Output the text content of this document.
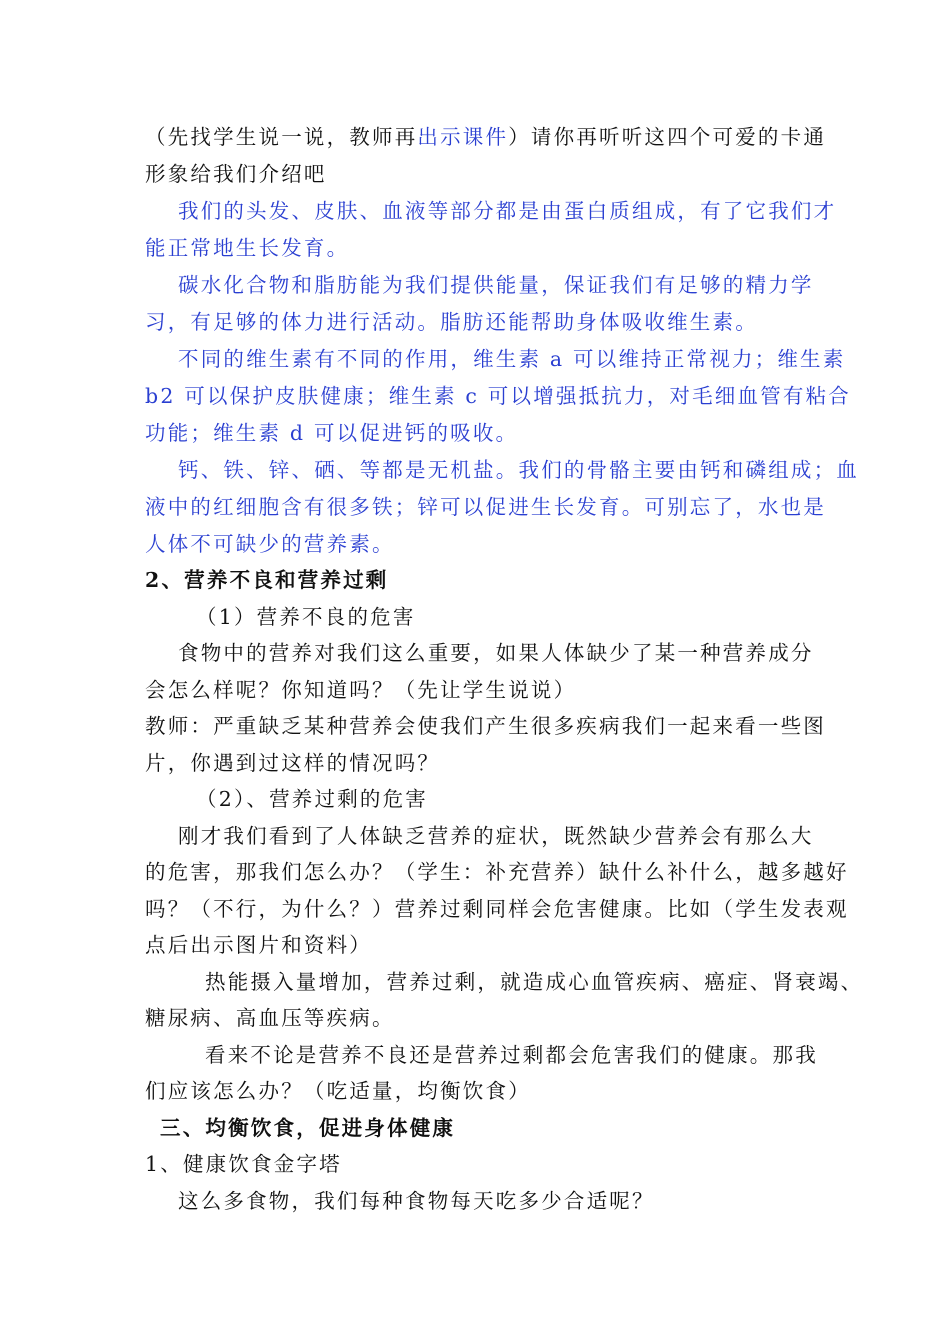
（先找学生说一说，教师再出示课件）请你再听听这四个可爱的卡通
形象给我们介绍吧
我们的头发、皮肤、血液等部分都是由蛋白质组成，有了它我们才
能正常地生长发育。
碳水化合物和脂肪能为我们提供能量，保证我们有足够的精力学
习，有足够的体力进行活动。脂肪还能帮助身体吸收维生素。
不同的维生素有不同的作用，维生素 a 可以维持正常视力；维生素
b2 可以保护皮肤健康；维生素 c 可以增强抵抗力，对毛细血管有粘合
功能；维生素 d 可以促进钙的吸收。
钙、铁、锌、硒、等都是无机盐。我们的骨骼主要由钙和磷组成；血
液中的红细胞含有很多铁；锌可以促进生长发育。可别忘了，水也是
人体不可缺少的营养素。
2、营养不良和营养过剩
（1）营养不良的危害
食物中的营养对我们这么重要，如果人体缺少了某一种营养成分
会怎么样呢？你知道吗？（先让学生说说）
教师：严重缺乏某种营养会使我们产生很多疾病我们一起来看一些图
片，你遇到过这样的情况吗？
（2）、营养过剩的危害
刚才我们看到了人体缺乏营养的症状，既然缺少营养会有那么大
的危害，那我们怎么办？（学生：补充营养）缺什么补什么，越多越好
吗？（不行，为什么？）营养过剩同样会危害健康。比如（学生发表观
点后出示图片和资料）
热能摄入量增加，营养过剩，就造成心血管疾病、癌症、肾衰竭、
糖尿病、高血压等疾病。
看来不论是营养不良还是营养过剩都会危害我们的健康。那我
们应该怎么办？（吃适量，均衡饮食）
三、均衡饮食，促进身体健康
1、健康饮食金字塔
这么多食物，我们每种食物每天吃多少合适呢？
